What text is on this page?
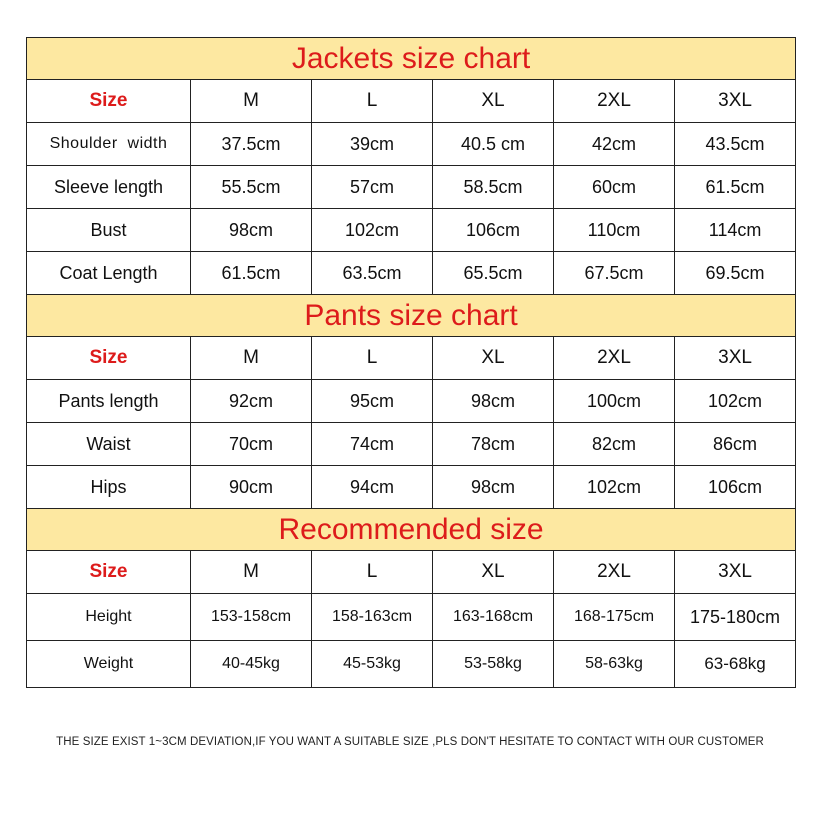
Jackets size chart					
Size	M	L	XL	2XL	3XL
Shoulder  width	37.5cm	39cm	40.5 cm	42cm	43.5cm
Sleeve length	55.5cm	57cm	58.5cm	60cm	61.5cm
Bust	98cm	102cm	106cm	110cm	114cm
Coat Length	61.5cm	63.5cm	65.5cm	67.5cm	69.5cm
Pants size chart					
Size	M	L	XL	2XL	3XL
Pants length	92cm	95cm	98cm	100cm	102cm
Waist	70cm	74cm	78cm	82cm	86cm
Hips	90cm	94cm	98cm	102cm	106cm
Recommended size					
Size	M	L	XL	2XL	3XL
Height	153-158cm	158-163cm	163-168cm	168-175cm	175-180cm
Weight	40-45kg	45-53kg	53-58kg	58-63kg	63-68kg
THE SIZE EXIST 1~3CM DEVIATION,IF YOU WANT A SUITABLE SIZE ,PLS DON'T HESITATE TO CONTACT WITH OUR CUSTOMER
